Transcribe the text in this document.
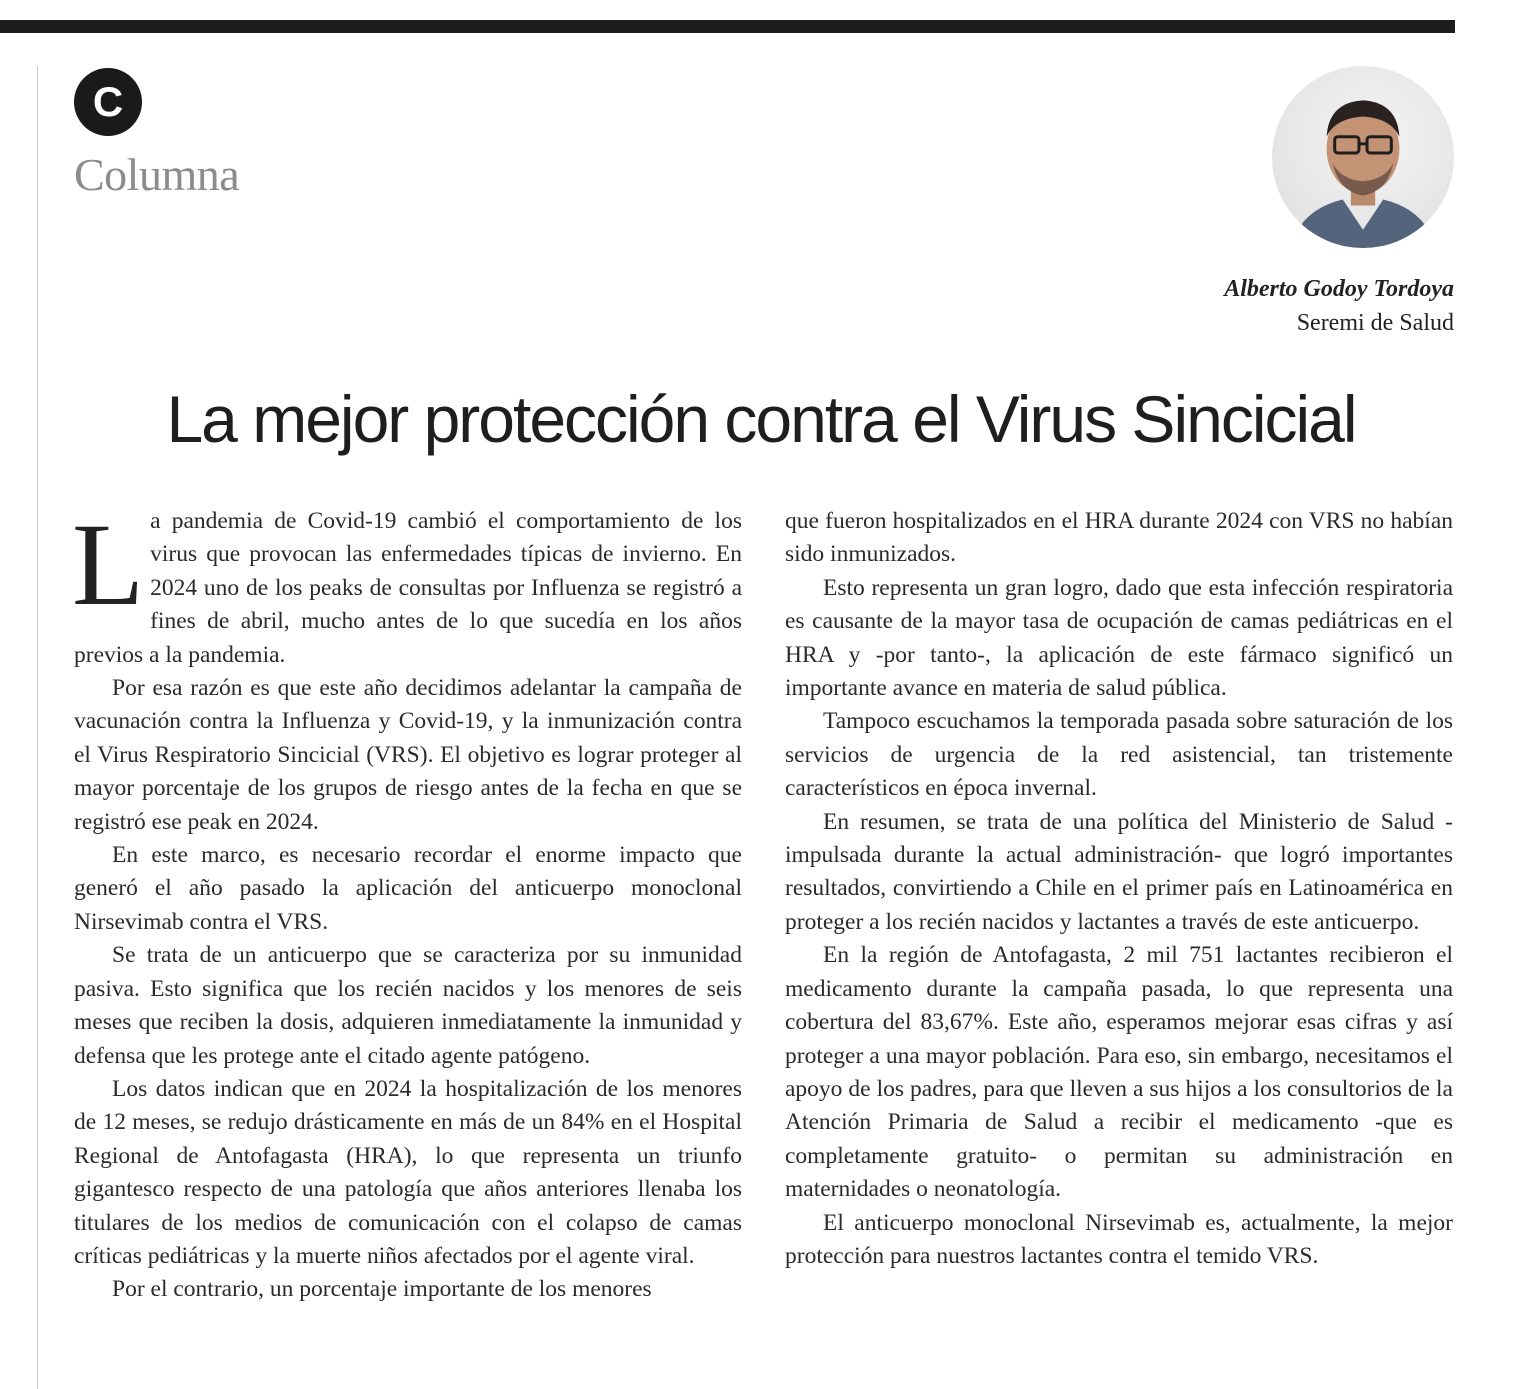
C
Columna
Alberto Godoy Tordoya
Seremi de Salud
La mejor protección contra el Virus Sincicial

La pandemia de Covid-19 cambió el comportamiento de los virus que provocan las enfermedades típicas de invierno. En 2024 uno de los peaks de consultas por Influenza se registró a fines de abril, mucho antes de lo que sucedía en los años previos a la pandemia.

Por esa razón es que este año decidimos adelantar la campaña de vacunación contra la Influenza y Covid-19, y la inmunización contra el Virus Respiratorio Sincicial (VRS). El objetivo es lograr proteger al mayor porcentaje de los grupos de riesgo antes de la fecha en que se registró ese peak en 2024.

En este marco, es necesario recordar el enorme impacto que generó el año pasado la aplicación del anticuerpo monoclonal Nirsevimab contra el VRS.

Se trata de un anticuerpo que se caracteriza por su inmunidad pasiva. Esto significa que los recién nacidos y los menores de seis meses que reciben la dosis, adquieren inmediatamente la inmunidad y defensa que les protege ante el citado agente patógeno.

Los datos indican que en 2024 la hospitalización de los menores de 12 meses, se redujo drásticamente en más de un 84% en el Hospital Regional de Antofagasta (HRA), lo que representa un triunfo gigantesco respecto de una patología que años anteriores llenaba los titulares de los medios de comunicación con el colapso de camas críticas pediátricas y la muerte niños afectados por el agente viral.

Por el contrario, un porcentaje importante de los menores

que fueron hospitalizados en el HRA durante 2024 con VRS no habían sido inmunizados.

Esto representa un gran logro, dado que esta infección respiratoria es causante de la mayor tasa de ocupación de camas pediátricas en el HRA y -por tanto-, la aplicación de este fármaco significó un importante avance en materia de salud pública.

Tampoco escuchamos la temporada pasada sobre saturación de los servicios de urgencia de la red asistencial, tan tristemente característicos en época invernal.

En resumen, se trata de una política del Ministerio de Salud -impulsada durante la actual administración- que logró importantes resultados, convirtiendo a Chile en el primer país en Latinoamérica en proteger a los recién nacidos y lactantes a través de este anticuerpo.

En la región de Antofagasta, 2 mil 751 lactantes recibieron el medicamento durante la campaña pasada, lo que representa una cobertura del 83,67%. Este año, esperamos mejorar esas cifras y así proteger a una mayor población. Para eso, sin embargo, necesitamos el apoyo de los padres, para que lleven a sus hijos a los consultorios de la Atención Primaria de Salud a recibir el medicamento -que es completamente gratuito- o permitan su administración en maternidades o neonatología.

El anticuerpo monoclonal Nirsevimab es, actualmente, la mejor protección para nuestros lactantes contra el temido VRS.
